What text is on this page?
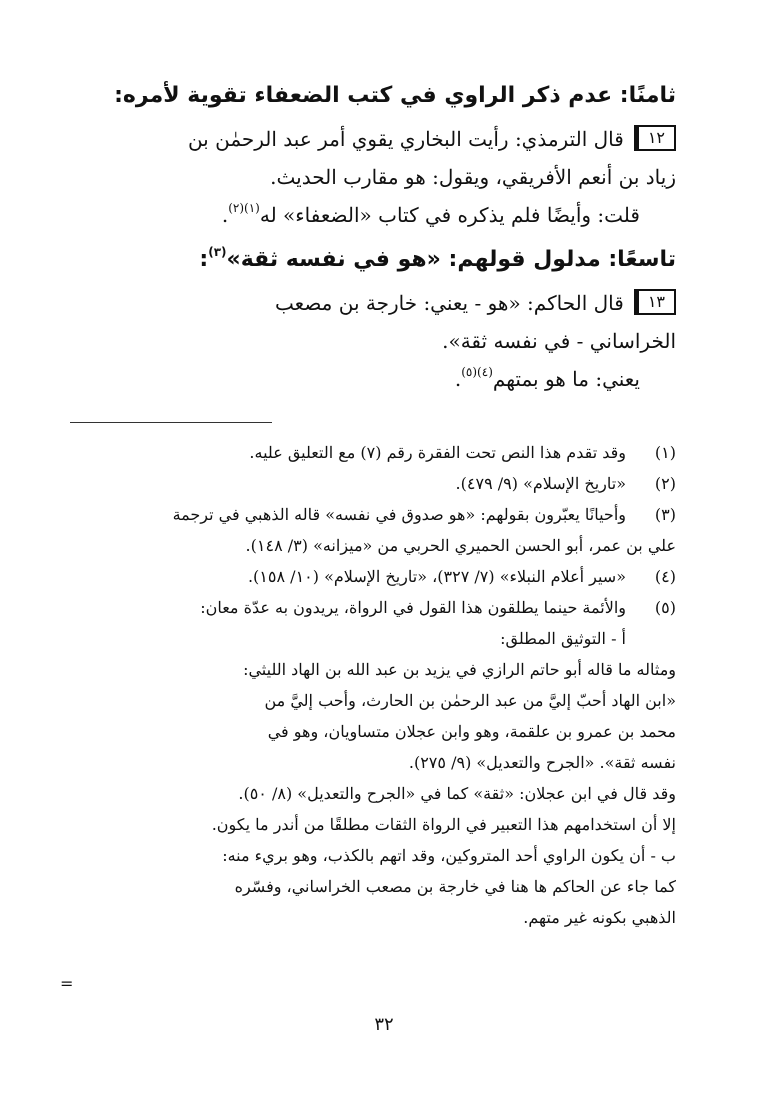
ثامنًا: عدم ذكر الراوي في كتب الضعفاء تقوية لأمره:

١٢قال الترمذي: رأيت البخاري يقوي أمر عبد الرحمٰن بن

زياد بن أنعم الأفريقي، ويقول: هو مقارب الحديث.

قلت: وأيضًا فلم يذكره في كتاب «الضعفاء» له$^{(١)(٢)}$.

تاسعًا: مدلول قولهم: «هو في نفسه ثقة»$^{(٣)}$:

١٣قال الحاكم: «هو - يعني: خارجة بن مصعب

الخراساني - في نفسه ثقة».

يعني: ما هو بمتهم$^{(٤)(٥)}$.

(١)
وقد تقدم هذا النص تحت الفقرة رقم (٧) مع التعليق عليه.
(٢)
«تاريخ الإسلام» (٩/ ٤٧٩).
(٣)
وأحيانًا يعبّرون بقولهم: «هو صدوق في نفسه» قاله الذهبي في ترجمة

علي بن عمر، أبو الحسن الحميري الحربي من «ميزانه» (٣/ ١٤٨).

(٤)
«سير أعلام النبلاء» (٧/ ٣٢٧)، «تاريخ الإسلام» (١٠/ ١٥٨).
(٥)
والأئمة حينما يطلقون هذا القول في الرواة، يريدون به عدّة معان:

أ - التوثيق المطلق:

ومثاله ما قاله أبو حاتم الرازي في يزيد بن عبد الله بن الهاد الليثي:

«ابن الهاد أحبّ إليَّ من عبد الرحمٰن بن الحارث، وأحب إليَّ من

محمد بن عمرو بن علقمة، وهو وابن عجلان متساويان، وهو في

نفسه ثقة». «الجرح والتعديل» (٩/ ٢٧٥).

وقد قال في ابن عجلان: «ثقة» كما في «الجرح والتعديل» (٨/ ٥٠).

إلا أن استخدامهم هذا التعبير في الرواة الثقات مطلقًا من أندر ما يكون.

ب - أن يكون الراوي أحد المتروكين، وقد اتهم بالكذب، وهو بريء منه:

كما جاء عن الحاكم ها هنا في خارجة بن مصعب الخراساني، وفسّره

الذهبي بكونه غير متهم.

=
٣٢
